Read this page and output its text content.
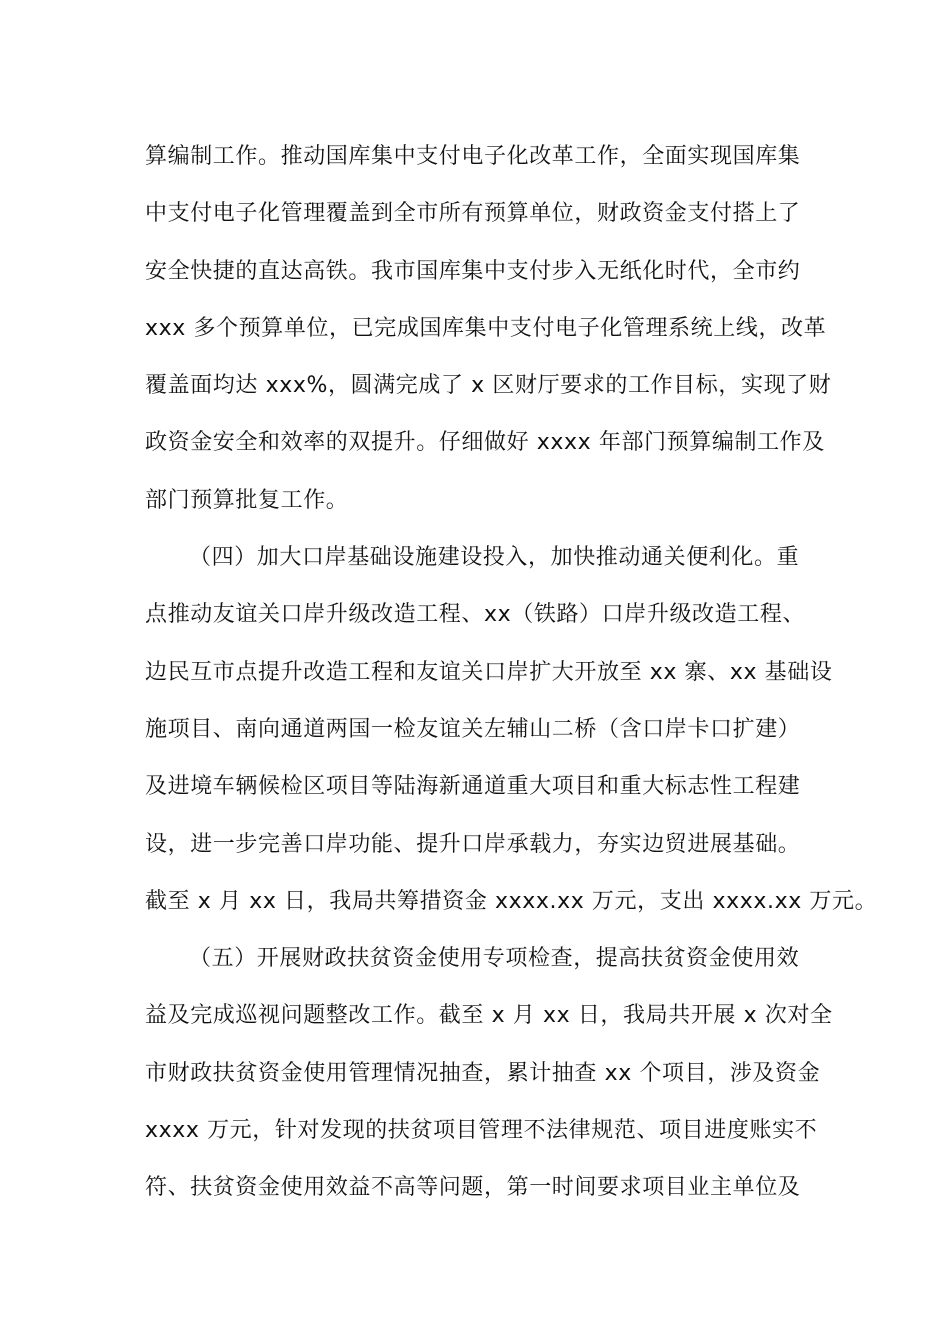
算编制工作。推动国库集中支付电子化改革工作，全面实现国库集
中支付电子化管理覆盖到全市所有预算单位，财政资金支付搭上了
安全快捷的直达高铁。我市国库集中支付步入无纸化时代，全市约
xxx 多个预算单位，已完成国库集中支付电子化管理系统上线，改革
覆盖面均达 xxx%，圆满完成了 x 区财厅要求的工作目标，实现了财
政资金安全和效率的双提升。仔细做好 xxxx 年部门预算编制工作及
部门预算批复工作。
（四）加大口岸基础设施建设投入，加快推动通关便利化。重
点推动友谊关口岸升级改造工程、xx（铁路）口岸升级改造工程、
边民互市点提升改造工程和友谊关口岸扩大开放至 xx 寨、xx 基础设
施项目、南向通道两国一检友谊关左辅山二桥（含口岸卡口扩建）
及进境车辆候检区项目等陆海新通道重大项目和重大标志性工程建
设，进一步完善口岸功能、提升口岸承载力，夯实边贸进展基础。
截至 x 月 xx 日，我局共筹措资金 xxxx.xx 万元，支出 xxxx.xx 万元。
（五）开展财政扶贫资金使用专项检查，提高扶贫资金使用效
益及完成巡视问题整改工作。截至 x 月 xx 日，我局共开展 x 次对全
市财政扶贫资金使用管理情况抽查，累计抽查 xx 个项目，涉及资金
xxxx 万元，针对发现的扶贫项目管理不法律规范、项目进度账实不
符、扶贫资金使用效益不高等问题，第一时间要求项目业主单位及
